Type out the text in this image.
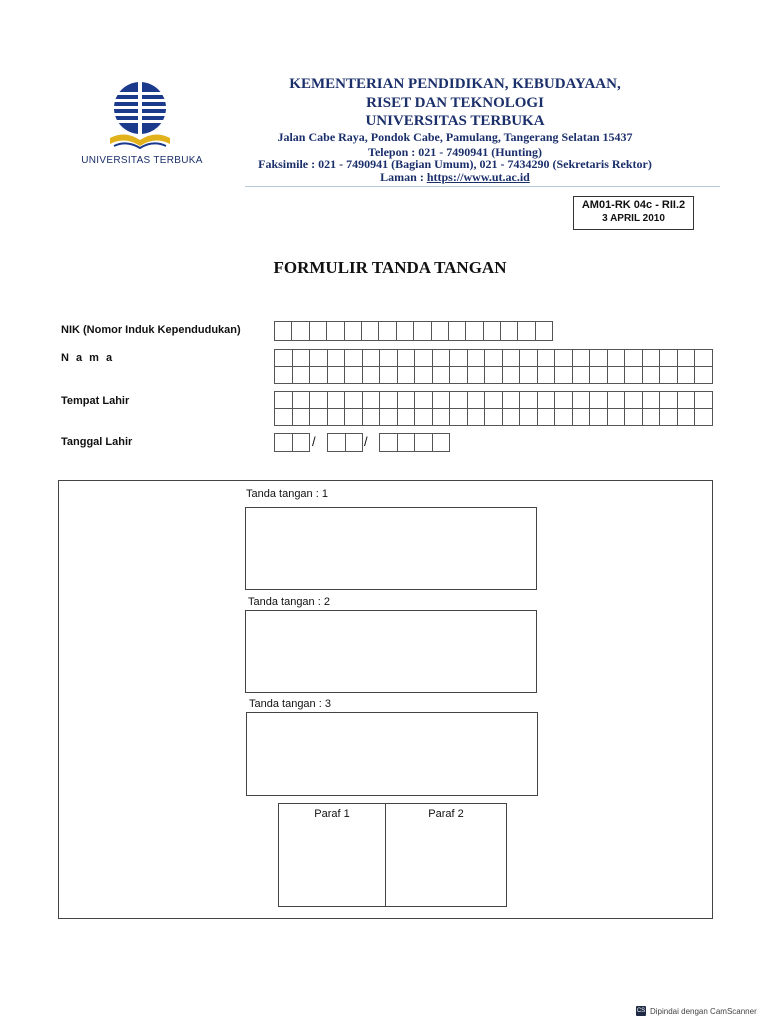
UNIVERSITAS TERBUKA
KEMENTERIAN PENDIDIKAN, KEBUDAYAAN,
RISET DAN TEKNOLOGI
UNIVERSITAS TERBUKA
Jalan Cabe Raya, Pondok Cabe, Pamulang, Tangerang Selatan 15437
Telepon : 021 - 7490941 (Hunting)
Faksimile : 021 - 7490941 (Bagian Umum), 021 - 7434290 (Sekretaris Rektor)
Laman : https://www.ut.ac.id
AM01-RK 04c - RII.2
3 APRIL 2010
FORMULIR TANDA TANGAN
NIK (Nomor Induk Kependudukan)
N a m a
Tempat Lahir
Tanggal Lahir	/	/
Tanda tangan : 1
Tanda tangan : 2
Tanda tangan : 3
Paraf 1	Paraf 2
CS Dipindai dengan CamScanner
